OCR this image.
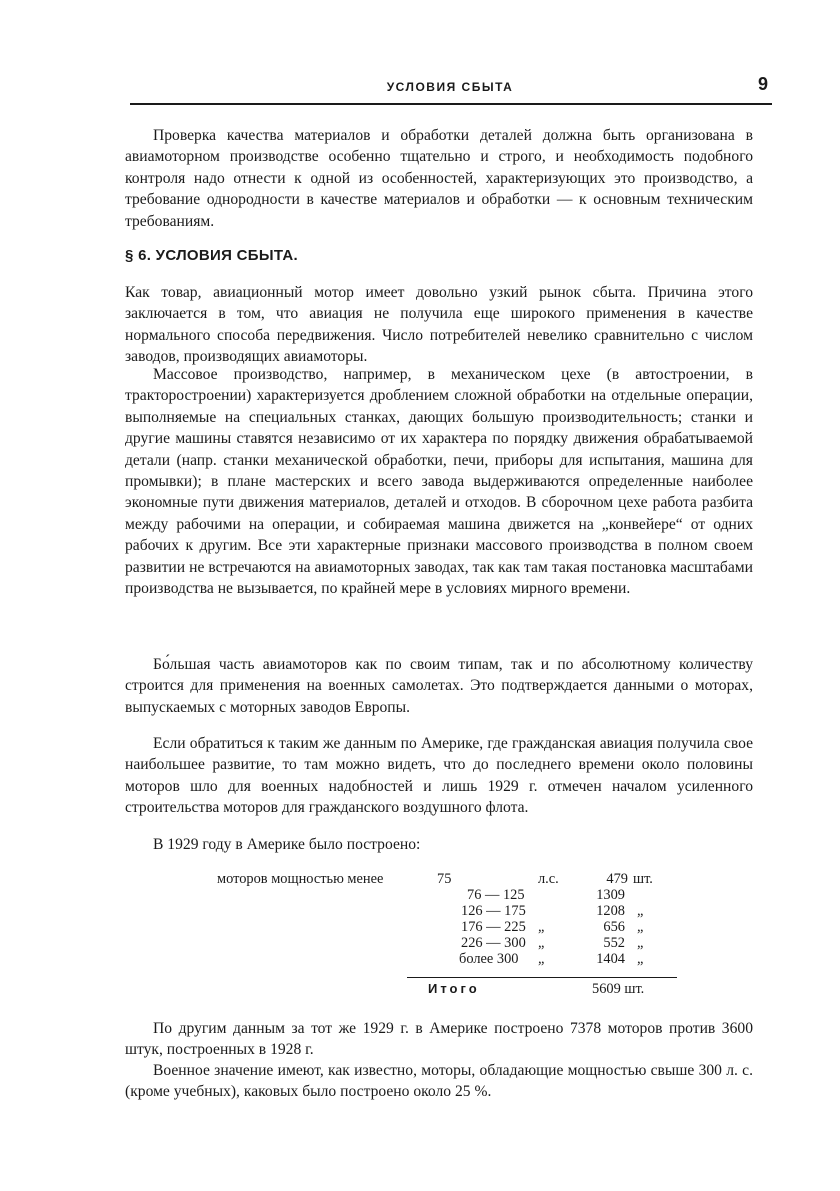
УСЛОВИЯ СБЫТА	9
Проверка качества материалов и обработки деталей должна быть организована в авиамоторном производстве особенно тщательно и строго, и необходимость подобного контроля надо отнести к одной из особенностей, характеризующих это производство, а требование однородности в качестве материалов и обработки — к основным техническим требованиям.
§ 6. УСЛОВИЯ СБЫТА.
Как товар, авиационный мотор имеет довольно узкий рынок сбыта. Причина этого заключается в том, что авиация не получила еще широкого применения в качестве нормального способа передвижения. Число потребителей невелико сравнительно с числом заводов, производящих авиамоторы.
Массовое производство, например, в механическом цехе (в автостроении, в тракторостроении) характеризуется дроблением сложной обработки на отдельные операции, выполняемые на специальных станках, дающих большую производительность; станки и другие машины ставятся независимо от их характера по порядку движения обрабатываемой детали (напр. станки механической обработки, печи, приборы для испытания, машина для промывки); в плане мастерских и всего завода выдерживаются определенные наиболее экономные пути движения материалов, деталей и отходов. В сборочном цехе работа разбита между рабочими на операции, и собираемая машина движется на „конвейере“ от одних рабочих к другим. Все эти характерные признаки массового производства в полном своем развитии не встречаются на авиамоторных заводах, так как там такая постановка масштабами производства не вызывается, по крайней мере в условиях мирного времени.
Бо́льшая часть авиамоторов как по своим типам, так и по абсолютному количеству строится для применения на военных самолетах. Это подтверждается данными о моторах, выпускаемых с моторных заводов Европы.
Если обратиться к таким же данным по Америке, где гражданская авиация получила свое наибольшее развитие, то там можно видеть, что до последнего времени около половины моторов шло для военных надобностей и лишь 1929 г. отмечен началом усиленного строительства моторов для гражданского воздушного флота.
В 1929 году в Америке было построено:
моторов мощностью менее	75	л.с.	479 шт.
76 — 125	1309
126 — 175	1208 „
176 — 225 „	656 „
226 — 300 „	552 „
более 300 „	1404 „
Итого	5609 шт.
По другим данным за тот же 1929 г. в Америке построено 7378 моторов против 3600 штук, построенных в 1928 г.
Военное значение имеют, как известно, моторы, обладающие мощностью свыше 300 л. с. (кроме учебных), каковых было построено около 25 %.
